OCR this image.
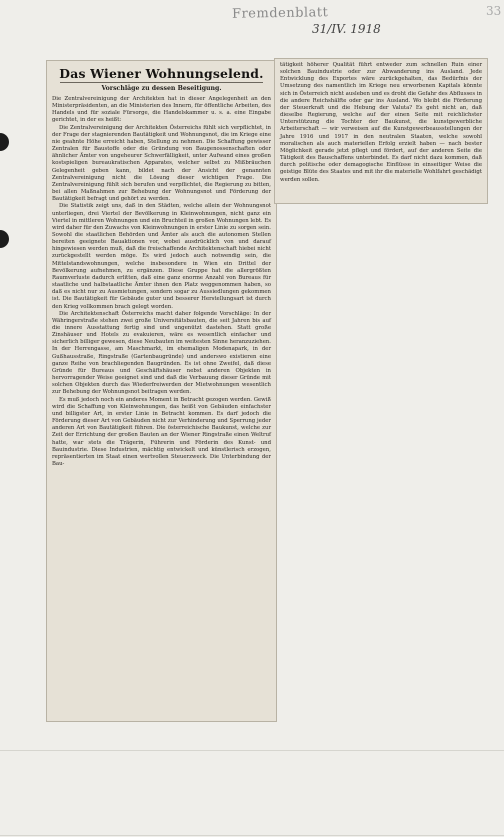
Fremdenblatt
31/IV. 1918
33
Das Wiener Wohnungselend.
Vorschläge zu dessen Beseitigung.

Die Zentralvereinigung der Architekten hat in dieser Angelegenheit an den Ministerpräsidenten, an die Ministerien des Innern, für öffentliche Arbeiten, des Handels und für soziale Fürsorge, die Handelskammer u. s. a. eine Eingabe gerichtet, in der es heißt:

Die Zentralvereinigung der Architekten Österreichs fühlt sich verpflichtet, in der Frage der stagnierenden Bautätigkeit und Wohnungsnot, die im Kriege eine nie geahnte Höhe erreicht haben, Stellung zu nehmen. Die Schaffung gewisser Zentralen für Baustoffe oder die Gründung von Baugenossenschaften oder ähnlicher Ämter von ungeheurer Schwerfälligkeit, unter Aufwand eines großen kostspieligen bureaukratischen Apparates, welcher selbst zu Mißbräuchen Gelegenheit geben kann, bildet nach der Ansicht der genannten Zentralvereinigung nicht die Lösung dieser wichtigen Frage. Die Zentralvereinigung fühlt sich berufen und verpflichtet, die Regierung zu bitten, bei allen Maßnahmen zur Behebung der Wohnungsnot und Förderung der Bautätigkeit befragt und gehört zu werden.

Die Statistik zeigt uns, daß in den Städten, welche allein der Wohnungsnot unterliegen, drei Viertel der Bevölkerung in Kleinwohnungen, nicht ganz ein Viertel in mittleren Wohnungen und ein Bruchteil in großen Wohnungen lebt. Es wird daher für den Zuwachs von Kleinwohnungen in erster Linie zu sorgen sein. Sowohl die staatlichen Behörden und Ämter als auch die autonomen Stellen bereiten geeignete Bauaktionen vor, wobei ausdrücklich von und darauf hingewiesen werden muß, daß die freischaffende Architektenschaft hiebei nicht zurückgestellt werden möge. Es wird jedoch auch notwendig sein, die Mittelstandswohnungen, welche insbesondere in Wien ein Drittel der Bevölkerung aufnehmen, zu ergänzen. Diese Gruppe hat die allergrößten Raumverluste dadurch erlitten, daß eine ganz enorme Anzahl von Bureaus für staatliche und halbstaatliche Ämter ihnen den Platz weggenommen haben, so daß es nicht nur zu Ausmietungen, sondern sogar zu Aussiedlungen gekommen ist. Die Bautätigkeit für Gebäude guter und besserer Herstellungsart ist durch den Krieg vollkommen brach gelegt worden.

Die Architektenschaft Österreichs macht daher folgende Vorschläge: In der Währingerstraße stehen zwei große Universitätsbauten, die seit Jahren bis auf die innere Ausstattung fertig sind und ungenützt dastehen. Statt große Zinshäuser und Hotels zu evakuieren, wäre es wesentlich einfacher und sicherlich billiger gewesen, diese Neubauten im weitesten Sinne heranzuziehen. In der Herrengasse, am Maschmarkt, im ehemaligen Modenapark, in der Gußhausstraße, Ringstraße (Gartenbaugründe) und anderswo existieren eine ganze Reihe von brachliegenden Baugründen. Es ist ohne Zweifel, daß diese Gründe für Bureaus und Geschäftshäuser nebst anderen Objekten in hervorragender Weise geeignet sind und daß die Verbauung dieser Gründe mit solchen Objekten durch das Wiederfreiwerden der Mietwohnungen wesentlich zur Behebung der Wohnungsnot beitragen werden.

Es muß jedoch noch ein anderes Moment in Betracht gezogen werden. Gewiß wird die Schaffung von Kleinwohnungen, das heißt von Gebäuden einfachster und billigster Art, in erster Linie in Betracht kommen. Es darf jedoch die Förderung dieser Art von Gebäuden nicht zur Verhinderung und Sperrung jeder anderen Art von Bautätigkeit führen. Die österreichische Baukunst, welche zur Zeit der Errichtung der großen Bauten an der Wiener Ringstraße einen Weltruf hatte, war stets die Trägerin, Führerin und Förderin des Kunst- und Bauindustrie. Diese Industrien, mächtig entwickelt und künstlerisch erzogen, repräsentierten im Staat einen wertvollen Steuerzweck. Die Unterbindung der Bau-

tätigkeit höherer Qualität führt entweder zum schnellen Ruin einer solchen Bauindustrie oder zur Abwanderung ins Ausland. Jede Entwicklung des Exportes wäre zurückgehalten, das Bedürfnis der Umsetzung des namentlich im Kriege neu erworbenen Kapitals könnte sich in Österreich nicht ausleben und es droht die Gefahr des Abflusses in die andere Reichshälfte oder gar ins Ausland. Wo bleibt die Förderung der Steuerkraft und die Hebung der Valuta? Es geht nicht an, daß dieselbe Regierung, welche auf der einen Seite mit reichlichster Unterstützung die Tochter der Baukunst, die kunstgewerbliche Arbeiterschaft — wir verweisen auf die Kunstgewerbeausstellungen der Jahre 1916 und 1917 in den neutralen Staaten, welche sowohl moralischen als auch materiellen Erfolg erzielt haben — nach bester Möglichkeit gerade jetzt pflegt und fördert, auf der anderen Seite die Tätigkeit des Bauschaffens unterbindet. Es darf nicht dazu kommen, daß durch politische oder demagogische Einflüsse in einseitiger Weise die geistige Blüte des Staates und mit ihr die materielle Wohlfahrt geschädigt werden sollen.
